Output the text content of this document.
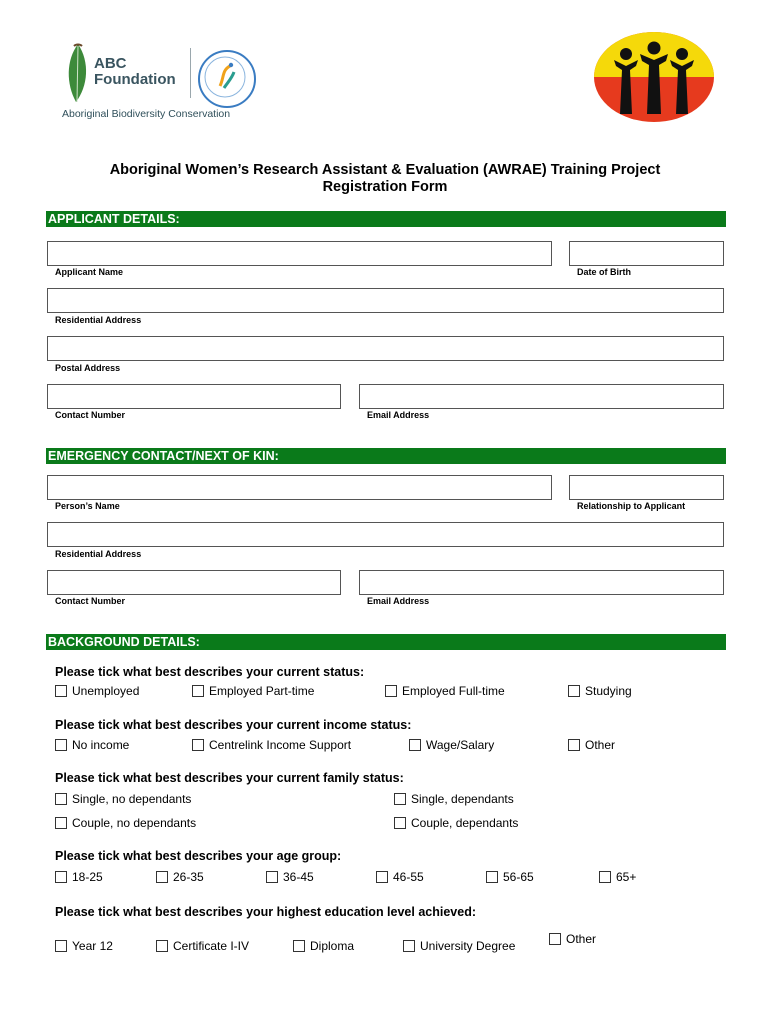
ABC
Foundation
Aboriginal Biodiversity Conservation
Aboriginal Women’s Research Assistant & Evaluation (AWRAE) Training Project
Registration Form
APPLICANT DETAILS:
Applicant Name	Date of Birth
Residential Address
Postal Address
Contact Number	Email Address
EMERGENCY CONTACT/NEXT OF KIN:
Person’s Name	Relationship to Applicant
Residential Address
Contact Number	Email Address
BACKGROUND DETAILS:
Please tick what best describes your current status:
Unemployed	Employed Part-time	Employed Full-time	Studying
Please tick what best describes your current income status:
No income	Centrelink Income Support	Wage/Salary	Other
Please tick what best describes your current family status:
Single, no dependants	Single, dependants
Couple, no dependants	Couple, dependants
Please tick what best describes your age group:
18-25	26-35	36-45	46-55	56-65	65+
Please tick what best describes your highest education level achieved:
Year 12	Certificate I-IV	Diploma	University Degree	Other
